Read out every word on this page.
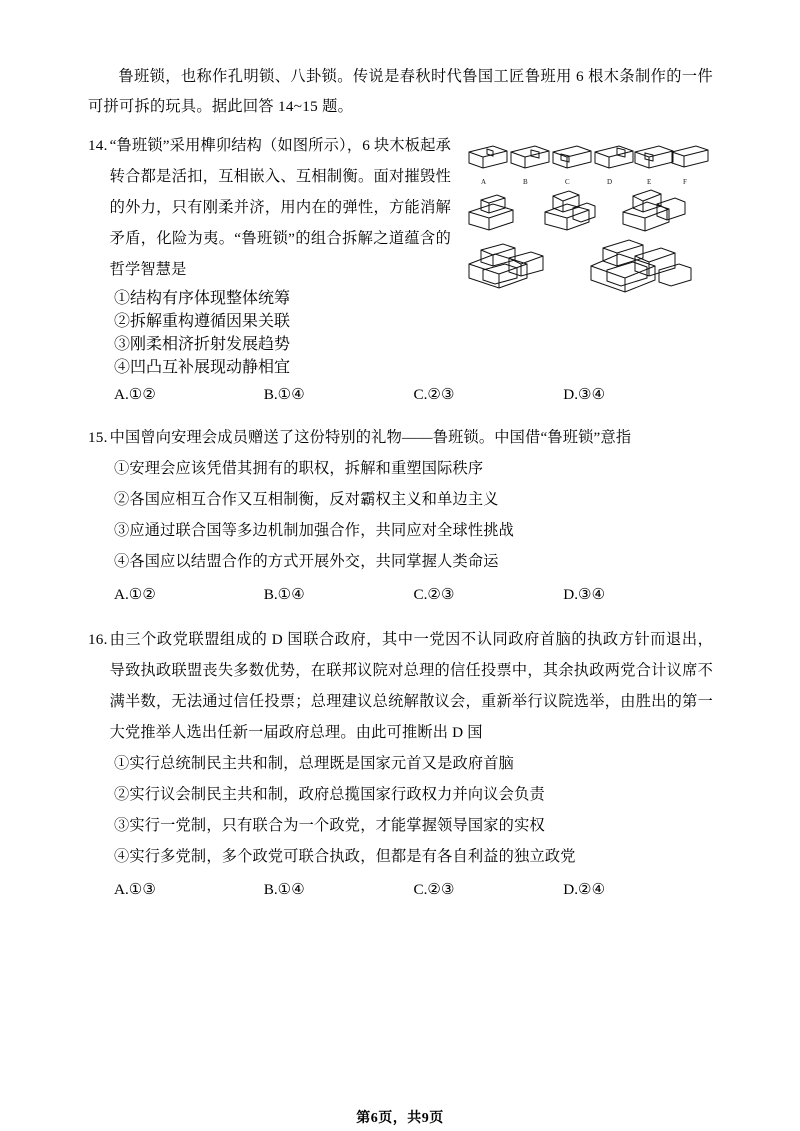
鲁班锁，也称作孔明锁、八卦锁。传说是春秋时代鲁国工匠鲁班用 6 根木条制作的一件可拼可拆的玩具。据此回答 14~15 题。

A	B	C	D	E	F
14. “鲁班锁”采用榫卯结构（如图所示），6 块木板起承转合都是活扣，互相嵌入、互相制衡。面对摧毁性的外力，只有刚柔并济，用内在的弹性，方能消解矛盾，化险为夷。“鲁班锁”的组合拆解之道蕴含的哲学智慧是
①结构有序体现整体统筹
②拆解重构遵循因果关联
③刚柔相济折射发展趋势
④凹凸互补展现动静相宜
A.①②	B.①④	C.②③	D.③④
15. 中国曾向安理会成员赠送了这份特别的礼物——鲁班锁。中国借“鲁班锁”意指
①安理会应该凭借其拥有的职权，拆解和重塑国际秩序
②各国应相互合作又互相制衡，反对霸权主义和单边主义
③应通过联合国等多边机制加强合作，共同应对全球性挑战
④各国应以结盟合作的方式开展外交，共同掌握人类命运
A.①②	B.①④	C.②③	D.③④
16. 由三个政党联盟组成的 D 国联合政府，其中一党因不认同政府首脑的执政方针而退出，导致执政联盟丧失多数优势，在联邦议院对总理的信任投票中，其余执政两党合计议席不满半数，无法通过信任投票；总理建议总统解散议会，重新举行议院选举，由胜出的第一大党推举人选出任新一届政府总理。由此可推断出 D 国
①实行总统制民主共和制，总理既是国家元首又是政府首脑
②实行议会制民主共和制，政府总揽国家行政权力并向议会负责
③实行一党制，只有联合为一个政党，才能掌握领导国家的实权
④实行多党制，多个政党可联合执政，但都是有各自利益的独立政党
A.①③	B.①④	C.②③	D.②④
第6页，共9页
